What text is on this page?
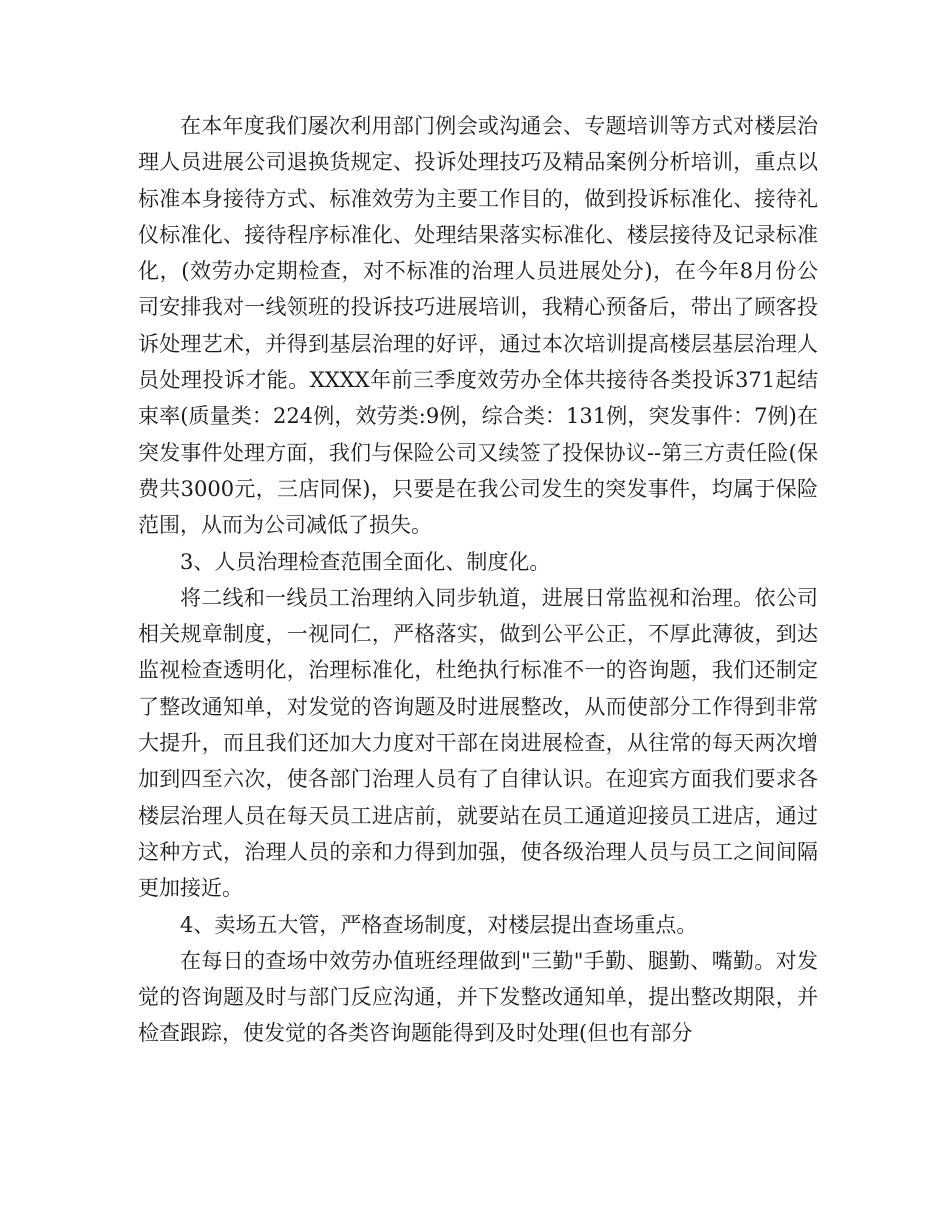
在本年度我们屡次利用部门例会或沟通会、专题培训等方式对楼层治理人员进展公司退换货规定、投诉处理技巧及精品案例分析培训，重点以标准本身接待方式、标准效劳为主要工作目的，做到投诉标准化、接待礼仪标准化、接待程序标准化、处理结果落实标准化、楼层接待及记录标准化，(效劳办定期检查，对不标准的治理人员进展处分)，在今年8月份公司安排我对一线领班的投诉技巧进展培训，我精心预备后，带出了顾客投诉处理艺术，并得到基层治理的好评，通过本次培训提高楼层基层治理人员处理投诉才能。XXXX年前三季度效劳办全体共接待各类投诉371起结束率(质量类：224例，效劳类:9例，综合类：131例，突发事件：7例)在突发事件处理方面，我们与保险公司又续签了投保协议--第三方责任险(保费共3000元，三店同保)，只要是在我公司发生的突发事件，均属于保险范围，从而为公司减低了损失。

3、人员治理检查范围全面化、制度化。

将二线和一线员工治理纳入同步轨道，进展日常监视和治理。依公司相关规章制度，一视同仁，严格落实，做到公平公正，不厚此薄彼，到达监视检查透明化，治理标准化，杜绝执行标准不一的咨询题，我们还制定了整改通知单，对发觉的咨询题及时进展整改，从而使部分工作得到非常大提升，而且我们还加大力度对干部在岗进展检查，从往常的每天两次增加到四至六次，使各部门治理人员有了自律认识。在迎宾方面我们要求各楼层治理人员在每天员工进店前，就要站在员工通道迎接员工进店，通过这种方式，治理人员的亲和力得到加强，使各级治理人员与员工之间间隔更加接近。

4、卖场五大管，严格查场制度，对楼层提出查场重点。

在每日的查场中效劳办值班经理做到"三勤"手勤、腿勤、嘴勤。对发觉的咨询题及时与部门反应沟通，并下发整改通知单，提出整改期限，并检查跟踪，使发觉的各类咨询题能得到及时处理(但也有部分
